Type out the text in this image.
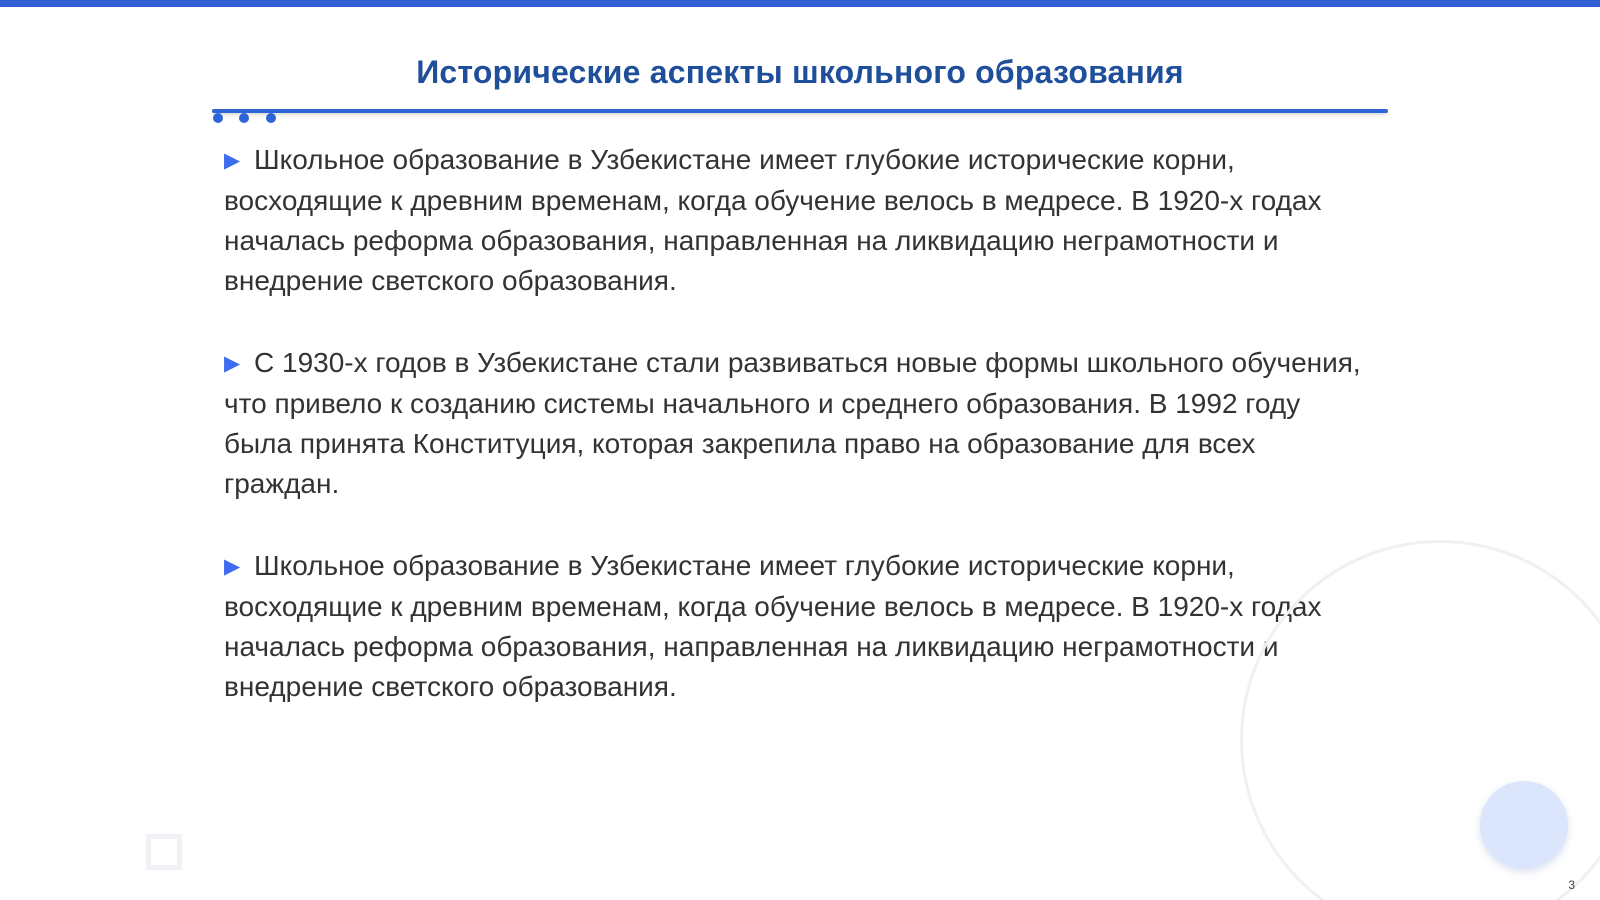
Исторические аспекты школьного образования

▶ Школьное образование в Узбекистане имеет глубокие исторические корни, восходящие к древним временам, когда обучение велось в медресе. В 1920-х годах началась реформа образования, направленная на ликвидацию неграмотности и внедрение светского образования.

▶ С 1930-х годов в Узбекистане стали развиваться новые формы школьного обучения, что привело к созданию системы начального и среднего образования. В 1992 году была принята Конституция, которая закрепила право на образование для всех граждан.

▶ Школьное образование в Узбекистане имеет глубокие исторические корни, восходящие к древним временам, когда обучение велось в медресе. В 1920-х годах началась реформа образования, направленная на ликвидацию неграмотности и внедрение светского образования.

3
